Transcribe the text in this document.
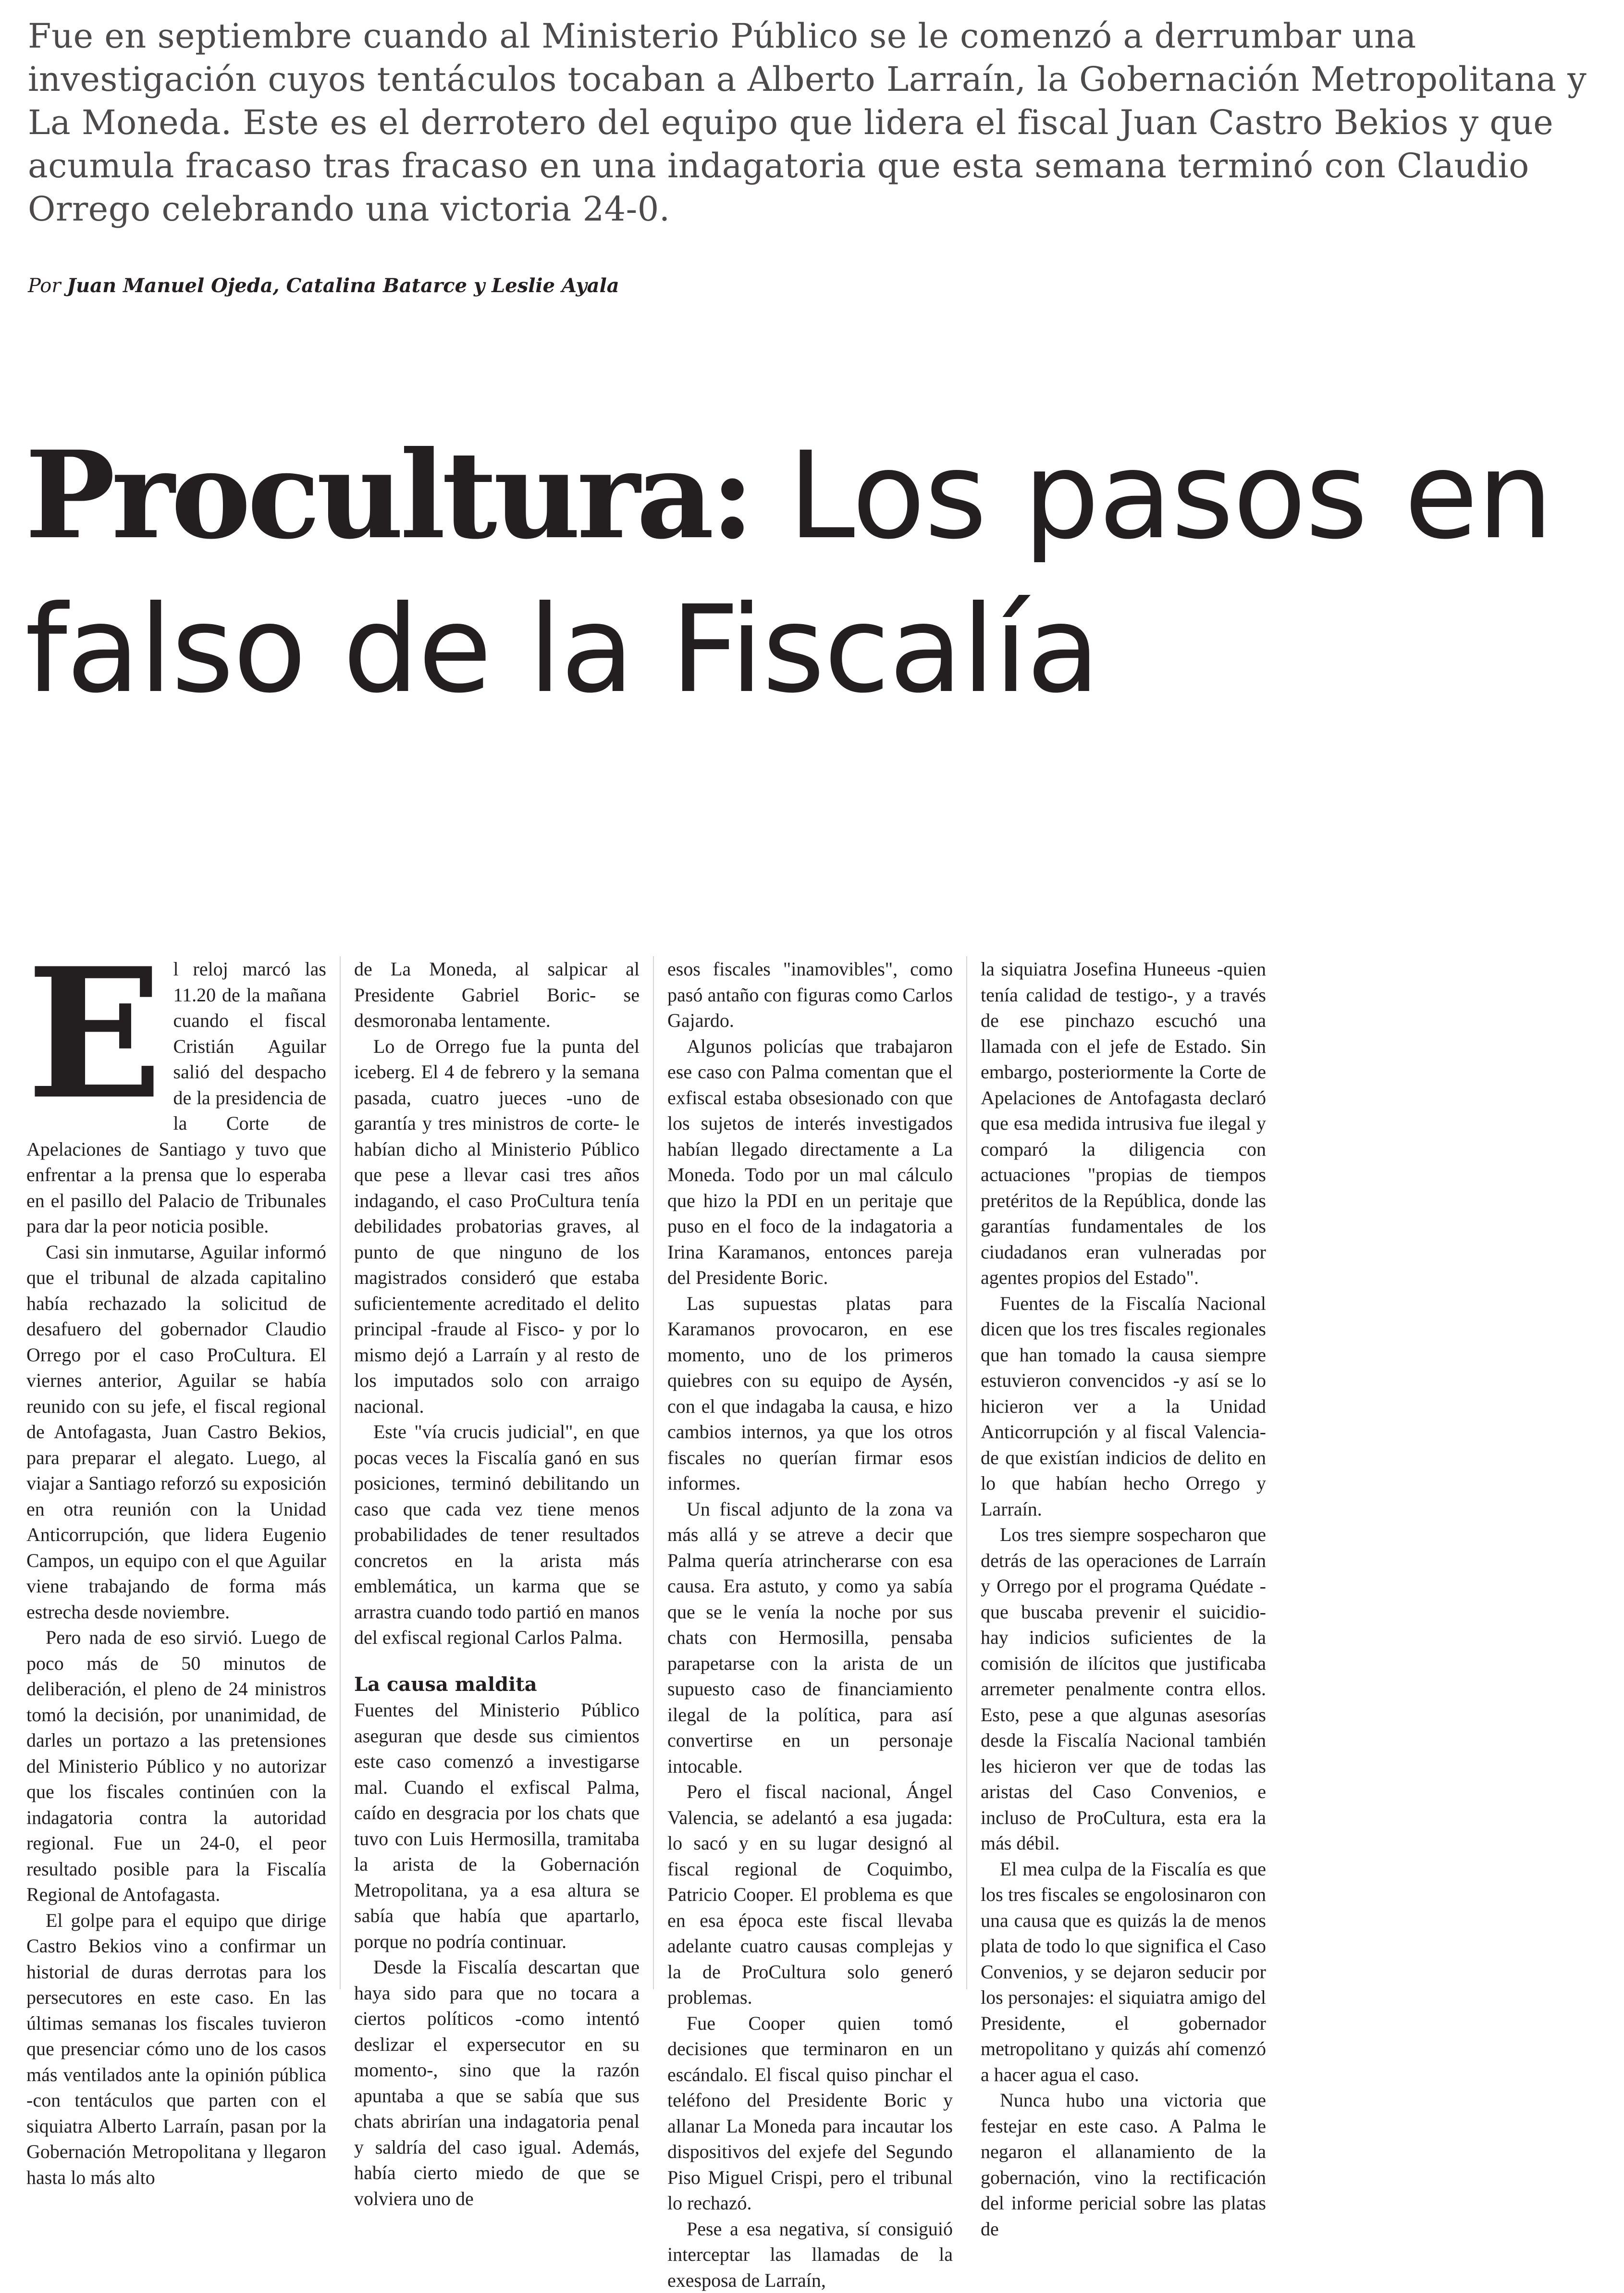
Fue en septiembre cuando al Ministerio Público se le comenzó a derrumbar una investigación cuyos tentáculos tocaban a Alberto Larraín, la Gobernación Metropolitana y La Moneda. Este es el derrotero del equipo que lidera el fiscal Juan Castro Bekios y que acumula fracaso tras fracaso en una indagatoria que esta semana terminó con Claudio Orrego celebrando una victoria 24-0.
Por Juan Manuel Ojeda, Catalina Batarce y Leslie Ayala
Procultura: Los pasos en falso de la Fiscalía
E l reloj marcó las 11.20 de la mañana cuando el fiscal Cristián Aguilar salió del despacho de la presidencia de la Corte de Apelaciones de Santiago y tuvo que enfrentar a la prensa que lo esperaba en el pasillo del Palacio de Tribunales para dar la peor noticia posible.

Casi sin inmutarse, Aguilar informó que el tribunal de alzada capitalino había rechazado la solicitud de desafuero del gobernador Claudio Orrego por el caso ProCultura. El viernes anterior, Aguilar se había reunido con su jefe, el fiscal regional de Antofagasta, Juan Castro Bekios, para preparar el alegato. Luego, al viajar a Santiago reforzó su exposición en otra reunión con la Unidad Anticorrupción, que lidera Eugenio Campos, un equipo con el que Aguilar viene trabajando de forma más estrecha desde noviembre.

Pero nada de eso sirvió. Luego de poco más de 50 minutos de deliberación, el pleno de 24 ministros tomó la decisión, por unanimidad, de darles un portazo a las pretensiones del Ministerio Público y no autorizar que los fiscales continúen con la indagatoria contra la autoridad regional. Fue un 24-0, el peor resultado posible para la Fiscalía Regional de Antofagasta.

El golpe para el equipo que dirige Castro Bekios vino a confirmar un historial de duras derrotas para los persecutores en este caso. En las últimas semanas los fiscales tuvieron que presenciar cómo uno de los casos más ventilados ante la opinión pública -con tentáculos que parten con el siquiatra Alberto Larraín, pasan por la Gobernación Metropolitana y llegaron hasta lo más alto

de La Moneda, al salpicar al Presidente Gabriel Boric- se desmoronaba lentamente.

Lo de Orrego fue la punta del iceberg. El 4 de febrero y la semana pasada, cuatro jueces -uno de garantía y tres ministros de corte- le habían dicho al Ministerio Público que pese a llevar casi tres años indagando, el caso ProCultura tenía debilidades probatorias graves, al punto de que ninguno de los magistrados consideró que estaba suficientemente acreditado el delito principal -fraude al Fisco- y por lo mismo dejó a Larraín y al resto de los imputados solo con arraigo nacional.

Este "vía crucis judicial", en que pocas veces la Fiscalía ganó en sus posiciones, terminó debilitando un caso que cada vez tiene menos probabilidades de tener resultados concretos en la arista más emblemática, un karma que se arrastra cuando todo partió en manos del exfiscal regional Carlos Palma.

La causa maldita

Fuentes del Ministerio Público aseguran que desde sus cimientos este caso comenzó a investigarse mal. Cuando el exfiscal Palma, caído en desgracia por los chats que tuvo con Luis Hermosilla, tramitaba la arista de la Gobernación Metropolitana, ya a esa altura se sabía que había que apartarlo, porque no podría continuar.

Desde la Fiscalía descartan que haya sido para que no tocara a ciertos políticos -como intentó deslizar el expersecutor en su momento-, sino que la razón apuntaba a que se sabía que sus chats abrirían una indagatoria penal y saldría del caso igual. Además, había cierto miedo de que se volviera uno de

esos fiscales "inamovibles", como pasó antaño con figuras como Carlos Gajardo.

Algunos policías que trabajaron ese caso con Palma comentan que el exfiscal estaba obsesionado con que los sujetos de interés investigados habían llegado directamente a La Moneda. Todo por un mal cálculo que hizo la PDI en un peritaje que puso en el foco de la indagatoria a Irina Karamanos, entonces pareja del Presidente Boric.

Las supuestas platas para Karamanos provocaron, en ese momento, uno de los primeros quiebres con su equipo de Aysén, con el que indagaba la causa, e hizo cambios internos, ya que los otros fiscales no querían firmar esos informes.

Un fiscal adjunto de la zona va más allá y se atreve a decir que Palma quería atrincherarse con esa causa. Era astuto, y como ya sabía que se le venía la noche por sus chats con Hermosilla, pensaba parapetarse con la arista de un supuesto caso de financiamiento ilegal de la política, para así convertirse en un personaje intocable.

Pero el fiscal nacional, Ángel Valencia, se adelantó a esa jugada: lo sacó y en su lugar designó al fiscal regional de Coquimbo, Patricio Cooper. El problema es que en esa época este fiscal llevaba adelante cuatro causas complejas y la de ProCultura solo generó problemas.

Fue Cooper quien tomó decisiones que terminaron en un escándalo. El fiscal quiso pinchar el teléfono del Presidente Boric y allanar La Moneda para incautar los dispositivos del exjefe del Segundo Piso Miguel Crispi, pero el tribunal lo rechazó.

Pese a esa negativa, sí consiguió interceptar las llamadas de la exesposa de Larraín,

la siquiatra Josefina Huneeus -quien tenía calidad de testigo-, y a través de ese pinchazo escuchó una llamada con el jefe de Estado. Sin embargo, posteriormente la Corte de Apelaciones de Antofagasta declaró que esa medida intrusiva fue ilegal y comparó la diligencia con actuaciones "propias de tiempos pretéritos de la República, donde las garantías fundamentales de los ciudadanos eran vulneradas por agentes propios del Estado".

Fuentes de la Fiscalía Nacional dicen que los tres fiscales regionales que han tomado la causa siempre estuvieron convencidos -y así se lo hicieron ver a la Unidad Anticorrupción y al fiscal Valencia- de que existían indicios de delito en lo que habían hecho Orrego y Larraín.

Los tres siempre sospecharon que detrás de las operaciones de Larraín y Orrego por el programa Quédate -que buscaba prevenir el suicidio- hay indicios suficientes de la comisión de ilícitos que justificaba arremeter penalmente contra ellos. Esto, pese a que algunas asesorías desde la Fiscalía Nacional también les hicieron ver que de todas las aristas del Caso Convenios, e incluso de ProCultura, esta era la más débil.

El mea culpa de la Fiscalía es que los tres fiscales se engolosinaron con una causa que es quizás la de menos plata de todo lo que significa el Caso Convenios, y se dejaron seducir por los personajes: el siquiatra amigo del Presidente, el gobernador metropolitano y quizás ahí comenzó a hacer agua el caso.

Nunca hubo una victoria que festejar en este caso. A Palma le negaron el allanamiento de la gobernación, vino la rectificación del informe pericial sobre las platas de
